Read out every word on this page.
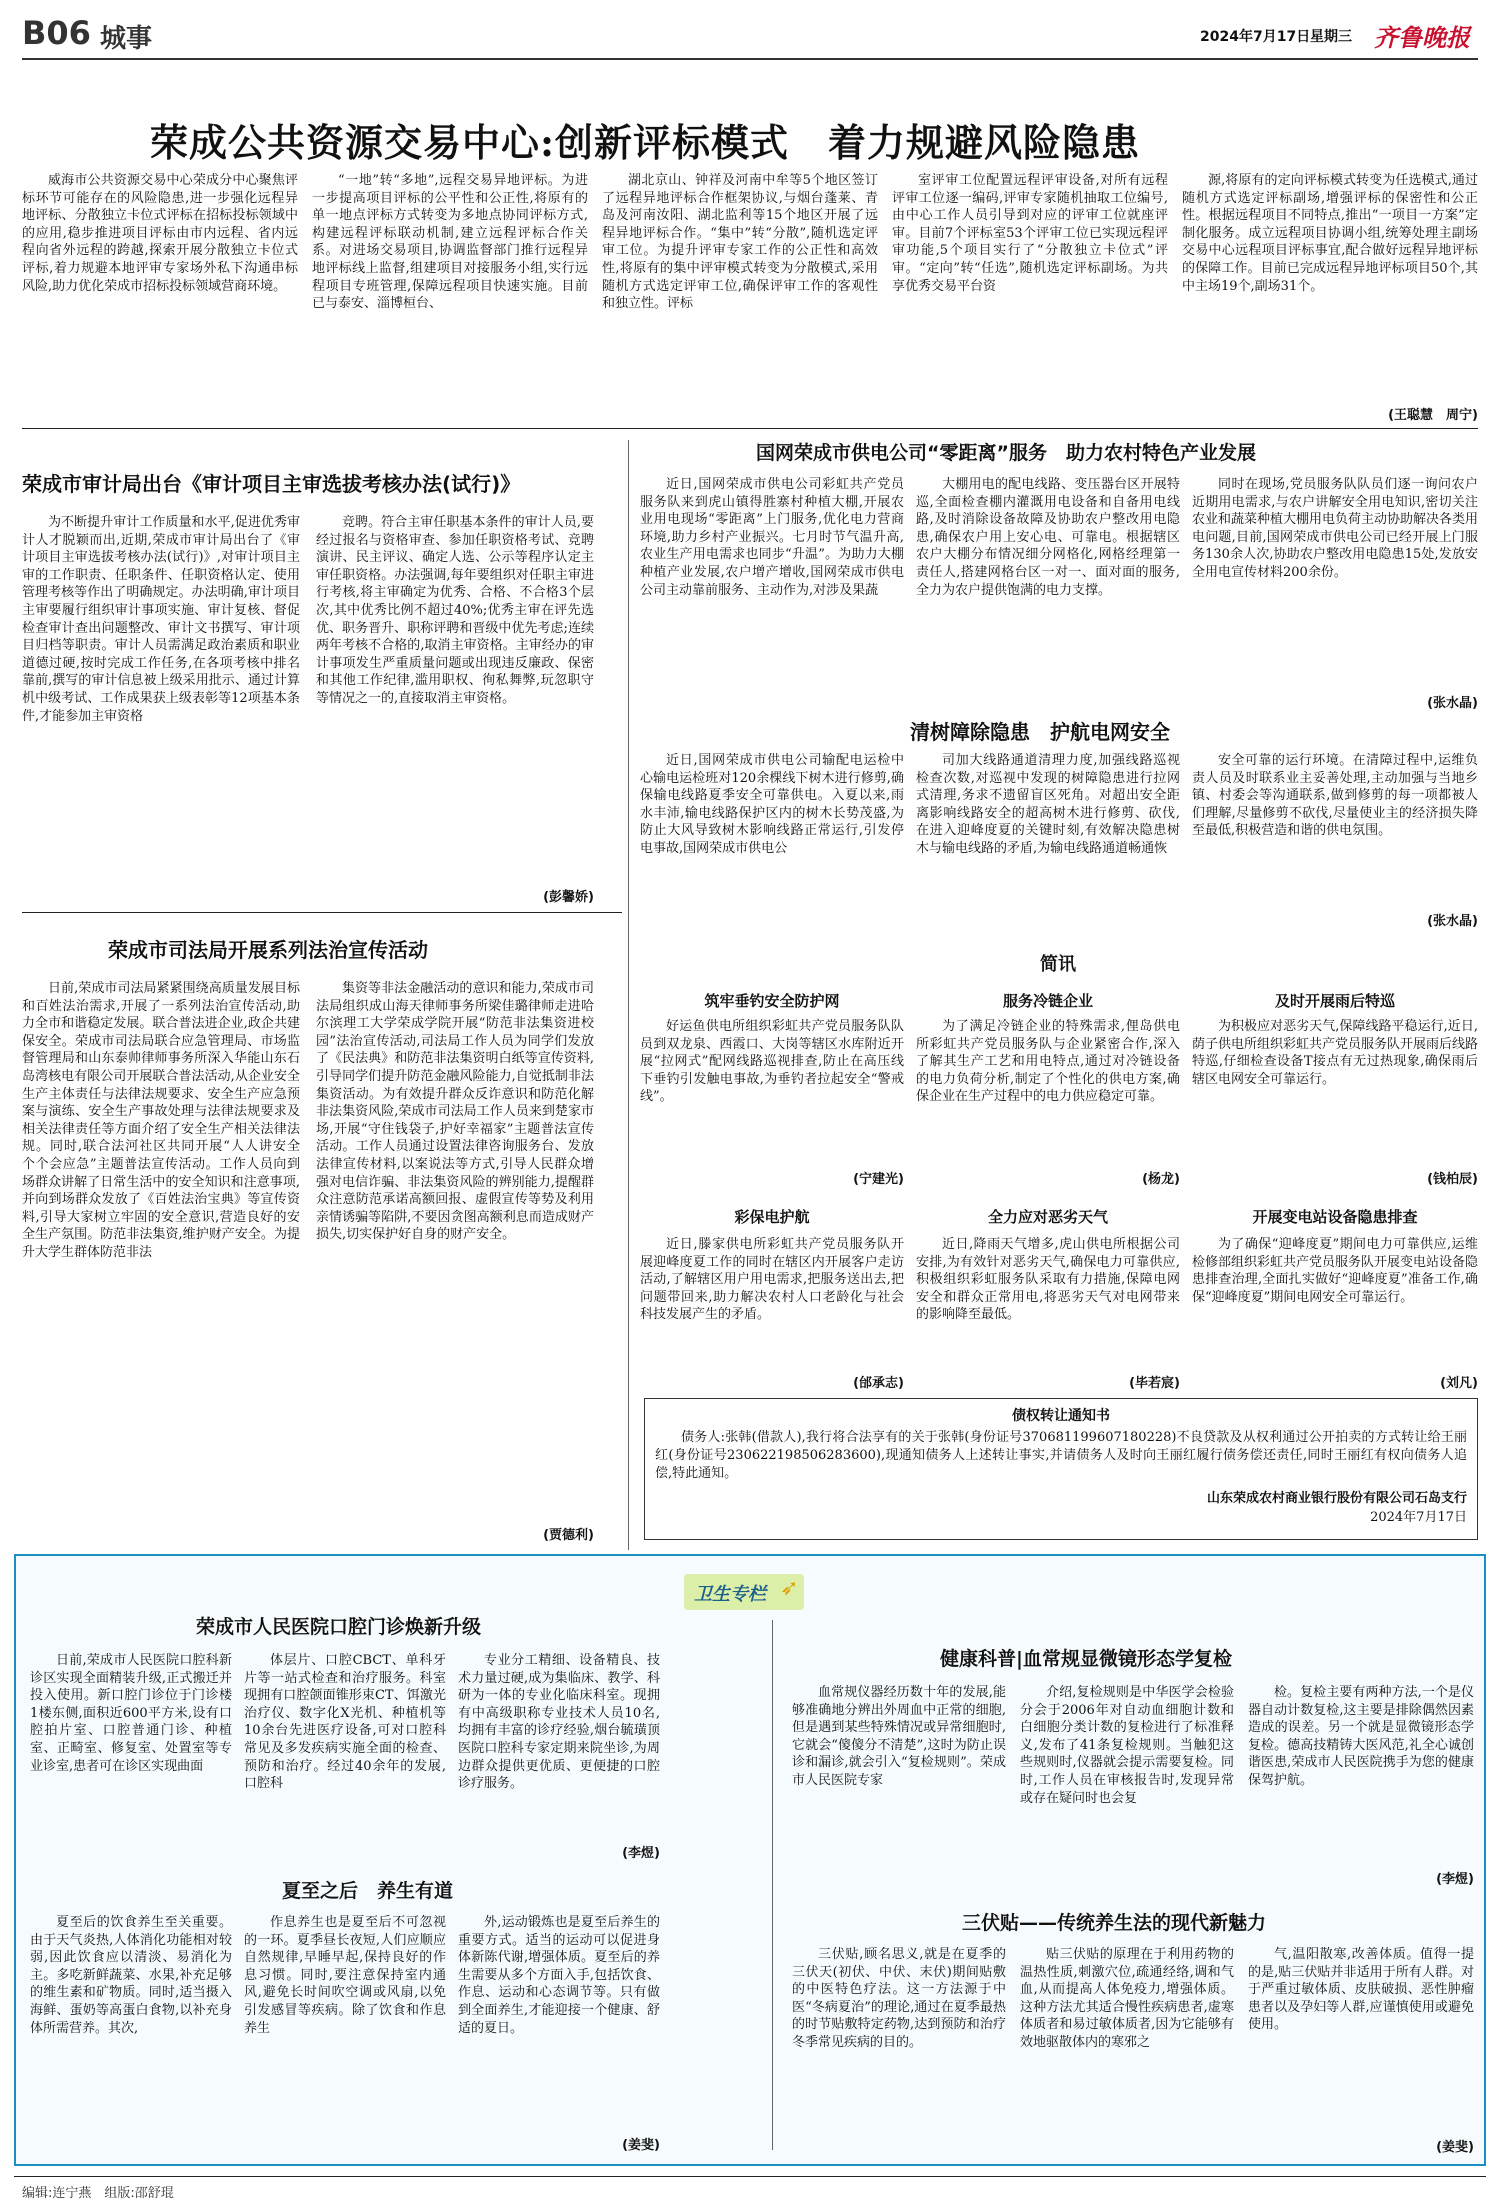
B06 城事	2024年7月17日 星期三 齐鲁晚报
荣成公共资源交易中心:创新评标模式　着力规避风险隐患

威海市公共资源交易中心荣成分中心聚焦评标环节可能存在的风险隐患,进一步强化远程异地评标、分散独立卡位式评标在招标投标领域中的应用,稳步推进项目评标由市内远程、省内远程向省外远程的跨越,探索开展分散独立卡位式评标,着力规避本地评审专家场外私下沟通串标风险,助力优化荣成市招标投标领域营商环境。

“一地”转“多地”,远程交易异地评标。为进一步提高项目评标的公平性和公正性,将原有的单一地点评标方式转变为多地点协同评标方式,构建远程评标联动机制,建立远程评标合作关系。对进场交易项目,协调监督部门推行远程异地评标线上监督,组建项目对接服务小组,实行远程项目专班管理,保障远程项目快速实施。目前已与泰安、淄博桓台、

湖北京山、钟祥及河南中牟等5个地区签订了远程异地评标合作框架协议,与烟台蓬莱、青岛及河南汝阳、湖北监利等15个地区开展了远程异地评标合作。“集中”转“分散”,随机选定评审工位。为提升评审专家工作的公正性和高效性,将原有的集中评审模式转变为分散模式,采用随机方式选定评审工位,确保评审工作的客观性和独立性。评标

室评审工位配置远程评审设备,对所有远程评审工位逐一编码,评审专家随机抽取工位编号,由中心工作人员引导到对应的评审工位就座评审。目前7个评标室53个评审工位已实现远程评审功能,5个项目实行了“分散独立卡位式”评审。“定向”转“任选”,随机选定评标副场。为共享优秀交易平台资

源,将原有的定向评标模式转变为任选模式,通过随机方式选定评标副场,增强评标的保密性和公正性。根据远程项目不同特点,推出“一项目一方案”定制化服务。成立远程项目协调小组,统筹处理主副场交易中心远程项目评标事宜,配合做好远程异地评标的保障工作。目前已完成远程异地评标项目50个,其中主场19个,副场31个。

(王聪慧　周宁)
荣成市审计局出台《审计项目主审选拔考核办法(试行)》

为不断提升审计工作质量和水平,促进优秀审计人才脱颖而出,近期,荣成市审计局出台了《审计项目主审选拔考核办法(试行)》,对审计项目主审的工作职责、任职条件、任职资格认定、使用管理考核等作出了明确规定。办法明确,审计项目主审要履行组织审计事项实施、审计复核、督促检查审计查出问题整改、审计文书撰写、审计项目归档等职责。审计人员需满足政治素质和职业道德过硬,按时完成工作任务,在各项考核中排名靠前,撰写的审计信息被上级采用批示、通过计算机中级考试、工作成果获上级表彰等12项基本条件,才能参加主审资格

竞聘。符合主审任职基本条件的审计人员,要经过报名与资格审查、参加任职资格考试、竞聘演讲、民主评议、确定人选、公示等程序认定主审任职资格。办法强调,每年要组织对任职主审进行考核,将主审确定为优秀、合格、不合格3个层次,其中优秀比例不超过40%;优秀主审在评先选优、职务晋升、职称评聘和晋级中优先考虑;连续两年考核不合格的,取消主审资格。主审经办的审计事项发生严重质量问题或出现违反廉政、保密和其他工作纪律,滥用职权、徇私舞弊,玩忽职守等情况之一的,直接取消主审资格。

(彭馨娇)
荣成市司法局开展系列法治宣传活动

日前,荣成市司法局紧紧围绕高质量发展目标和百姓法治需求,开展了一系列法治宣传活动,助力全市和谐稳定发展。联合普法进企业,政企共建保安全。荣成市司法局联合应急管理局、市场监督管理局和山东泰帅律师事务所深入华能山东石岛湾核电有限公司开展联合普法活动,从企业安全生产主体责任与法律法规要求、安全生产应急预案与演练、安全生产事故处理与法律法规要求及相关法律责任等方面介绍了安全生产相关法律法规。同时,联合法河社区共同开展“人人讲安全　个个会应急”主题普法宣传活动。工作人员向到场群众讲解了日常生活中的安全知识和注意事项,并向到场群众发放了《百姓法治宝典》等宣传资料,引导大家树立牢固的安全意识,营造良好的安全生产氛围。防范非法集资,维护财产安全。为提升大学生群体防范非法

集资等非法金融活动的意识和能力,荣成市司法局组织成山海天律师事务所梁佳璐律师走进哈尔滨理工大学荣成学院开展“防范非法集资进校园”法治宣传活动,司法局工作人员为同学们发放了《民法典》和防范非法集资明白纸等宣传资料,引导同学们提升防范金融风险能力,自觉抵制非法集资活动。为有效提升群众反诈意识和防范化解非法集资风险,荣成市司法局工作人员来到楚家市场,开展“守住钱袋子,护好幸福家”主题普法宣传活动。工作人员通过设置法律咨询服务台、发放法律宣传材料,以案说法等方式,引导人民群众增强对电信诈骗、非法集资风险的辨别能力,提醒群众注意防范承诺高额回报、虚假宣传等势及利用亲情诱骗等陷阱,不要因贪图高额利息而造成财产损失,切实保护好自身的财产安全。

(贾德利)
国网荣成市供电公司“零距离”服务　助力农村特色产业发展

近日,国网荣成市供电公司彩虹共产党员服务队来到虎山镇得胜寨村种植大棚,开展农业用电现场“零距离”上门服务,优化电力营商环境,助力乡村产业振兴。七月时节气温升高,农业生产用电需求也同步“升温”。为助力大棚种植产业发展,农户增产增收,国网荣成市供电公司主动靠前服务、主动作为,对涉及果蔬

大棚用电的配电线路、变压器台区开展特巡,全面检查棚内灌溉用电设备和自备用电线路,及时消除设备故障及协助农户整改用电隐患,确保农户用上安心电、可靠电。根据辖区农户大棚分布情况细分网格化,网格经理第一责任人,搭建网格台区一对一、面对面的服务,全力为农户提供饱满的电力支撑。

同时在现场,党员服务队队员们逐一询问农户近期用电需求,与农户讲解安全用电知识,密切关注农业和蔬菜种植大棚用电负荷主动协助解决各类用电问题,目前,国网荣成市供电公司已经开展上门服务130余人次,协助农户整改用电隐患15处,发放安全用电宣传材料200余份。

(张水晶)
清树障除隐患　护航电网安全

近日,国网荣成市供电公司输配电运检中心输电运检班对120余棵线下树木进行修剪,确保输电线路夏季安全可靠供电。入夏以来,雨水丰沛,输电线路保护区内的树木长势茂盛,为防止大风导致树木影响线路正常运行,引发停电事故,国网荣成市供电公

司加大线路通道清理力度,加强线路巡视检查次数,对巡视中发现的树障隐患进行拉网式清理,务求不遗留盲区死角。对超出安全距离影响线路安全的超高树木进行修剪、砍伐,在进入迎峰度夏的关键时刻,有效解决隐患树木与输电线路的矛盾,为输电线路通道畅通恢

安全可靠的运行环境。在清障过程中,运维负责人员及时联系业主妥善处理,主动加强与当地乡镇、村委会等沟通联系,做到修剪的每一项都被人们理解,尽量修剪不砍伐,尽量使业主的经济损失降至最低,积极营造和谐的供电氛围。

(张水晶)
简讯
筑牢垂钓安全防护网

好运鱼供电所组织彩虹共产党员服务队队员到双龙泉、西霞口、大岗等辖区水库附近开展“拉网式”配网线路巡视排查,防止在高压线下垂钓引发触电事故,为垂钓者拉起安全“警戒线”。

(宁建光)
服务冷链企业

为了满足冷链企业的特殊需求,俚岛供电所彩虹共产党员服务队与企业紧密合作,深入了解其生产工艺和用电特点,通过对冷链设备的电力负荷分析,制定了个性化的供电方案,确保企业在生产过程中的电力供应稳定可靠。

(杨龙)
及时开展雨后特巡

为积极应对恶劣天气,保障线路平稳运行,近日,荫子供电所组织彩虹共产党员服务队开展雨后线路特巡,仔细检查设备T接点有无过热现象,确保雨后辖区电网安全可靠运行。

(钱柏辰)
彩保电护航

近日,滕家供电所彩虹共产党员服务队开展迎峰度夏工作的同时在辖区内开展客户走访活动,了解辖区用户用电需求,把服务送出去,把问题带回来,助力解决农村人口老龄化与社会科技发展产生的矛盾。

(邰承志)
全力应对恶劣天气

近日,降雨天气增多,虎山供电所根据公司安排,为有效针对恶劣天气,确保电力可靠供应,积极组织彩虹服务队采取有力措施,保障电网安全和群众正常用电,将恶劣天气对电网带来的影响降至最低。

(毕若宸)
开展变电站设备隐患排查

为了确保“迎峰度夏”期间电力可靠供应,运维检修部组织彩虹共产党员服务队开展变电站设备隐患排查治理,全面扎实做好“迎峰度夏”准备工作,确保“迎峰度夏”期间电网安全可靠运行。

(刘凡)
债权转让通知书
债务人:张韩(借款人),我行将合法享有的关于张韩(身份证号370681199607180228)不良贷款及从权利通过公开拍卖的方式转让给王丽红(身份证号230622198506283600),现通知债务人上述转让事实,并请债务人及时向王丽红履行债务偿还责任,同时王丽红有权向债务人追偿,特此通知。
山东荣成农村商业银行股份有限公司石岛支行
2024年7月17日
卫生专栏 ➶
荣成市人民医院口腔门诊焕新升级

日前,荣成市人民医院口腔科新诊区实现全面精装升级,正式搬迁并投入使用。新口腔门诊位于门诊楼1楼东侧,面积近600平方米,设有口腔拍片室、口腔普通门诊、种植室、正畸室、修复室、处置室等专业诊室,患者可在诊区实现曲面

体层片、口腔CBCT、单科牙片等一站式检查和治疗服务。科室现拥有口腔颌面锥形束CT、饵激光治疗仪、数字化X光机、种植机等10余台先进医疗设备,可对口腔科常见及多发疾病实施全面的检查、预防和治疗。经过40余年的发展,口腔科

专业分工精细、设备精良、技术力量过硬,成为集临床、教学、科研为一体的专业化临床科室。现拥有中高级职称专业技术人员10名,均拥有丰富的诊疗经验,烟台毓璜顶医院口腔科专家定期来院坐诊,为周边群众提供更优质、更便捷的口腔诊疗服务。

(李煜)
夏至之后　养生有道

夏至后的饮食养生至关重要。由于天气炎热,人体消化功能相对较弱,因此饮食应以清淡、易消化为主。多吃新鲜蔬菜、水果,补充足够的维生素和矿物质。同时,适当摄入海鲜、蛋奶等高蛋白食物,以补充身体所需营养。其次,

作息养生也是夏至后不可忽视的一环。夏季昼长夜短,人们应顺应自然规律,早睡早起,保持良好的作息习惯。同时,要注意保持室内通风,避免长时间吹空调或风扇,以免引发感冒等疾病。除了饮食和作息养生

外,运动锻炼也是夏至后养生的重要方式。适当的运动可以促进身体新陈代谢,增强体质。夏至后的养生需要从多个方面入手,包括饮食、作息、运动和心态调节等。只有做到全面养生,才能迎接一个健康、舒适的夏日。

(姜斐)
健康科普|血常规显微镜形态学复检

血常规仪器经历数十年的发展,能够准确地分辨出外周血中正常的细胞,但是遇到某些特殊情况或异常细胞时,它就会“傻傻分不清楚”,这时为防止误诊和漏诊,就会引入“复检规则”。荣成市人民医院专家

介绍,复检规则是中华医学会检验分会于2006年对自动血细胞计数和白细胞分类计数的复检进行了标准释义,发布了41条复检规则。当触犯这些规则时,仪器就会提示需要复检。同时,工作人员在审核报告时,发现异常或存在疑问时也会复

检。复检主要有两种方法,一个是仪器自动计数复检,这主要是排除偶然因素造成的误差。另一个就是显微镜形态学复检。德高技精铸大医风范,礼全心诚创谐医患,荣成市人民医院携手为您的健康保驾护航。

(李煜)
三伏贴——传统养生法的现代新魅力

三伏贴,顾名思义,就是在夏季的三伏天(初伏、中伏、末伏)期间贴敷的中医特色疗法。这一方法源于中医“冬病夏治”的理论,通过在夏季最热的时节贴敷特定药物,达到预防和治疗冬季常见疾病的目的。

贴三伏贴的原理在于利用药物的温热性质,刺激穴位,疏通经络,调和气血,从而提高人体免疫力,增强体质。这种方法尤其适合慢性疾病患者,虚寒体质者和易过敏体质者,因为它能够有效地驱散体内的寒邪之

气,温阳散寒,改善体质。值得一提的是,贴三伏贴并非适用于所有人群。对于严重过敏体质、皮肤破损、恶性肿瘤患者以及孕妇等人群,应谨慎使用或避免使用。

(姜斐)
编辑:连宁燕　组版:邵舒琨
